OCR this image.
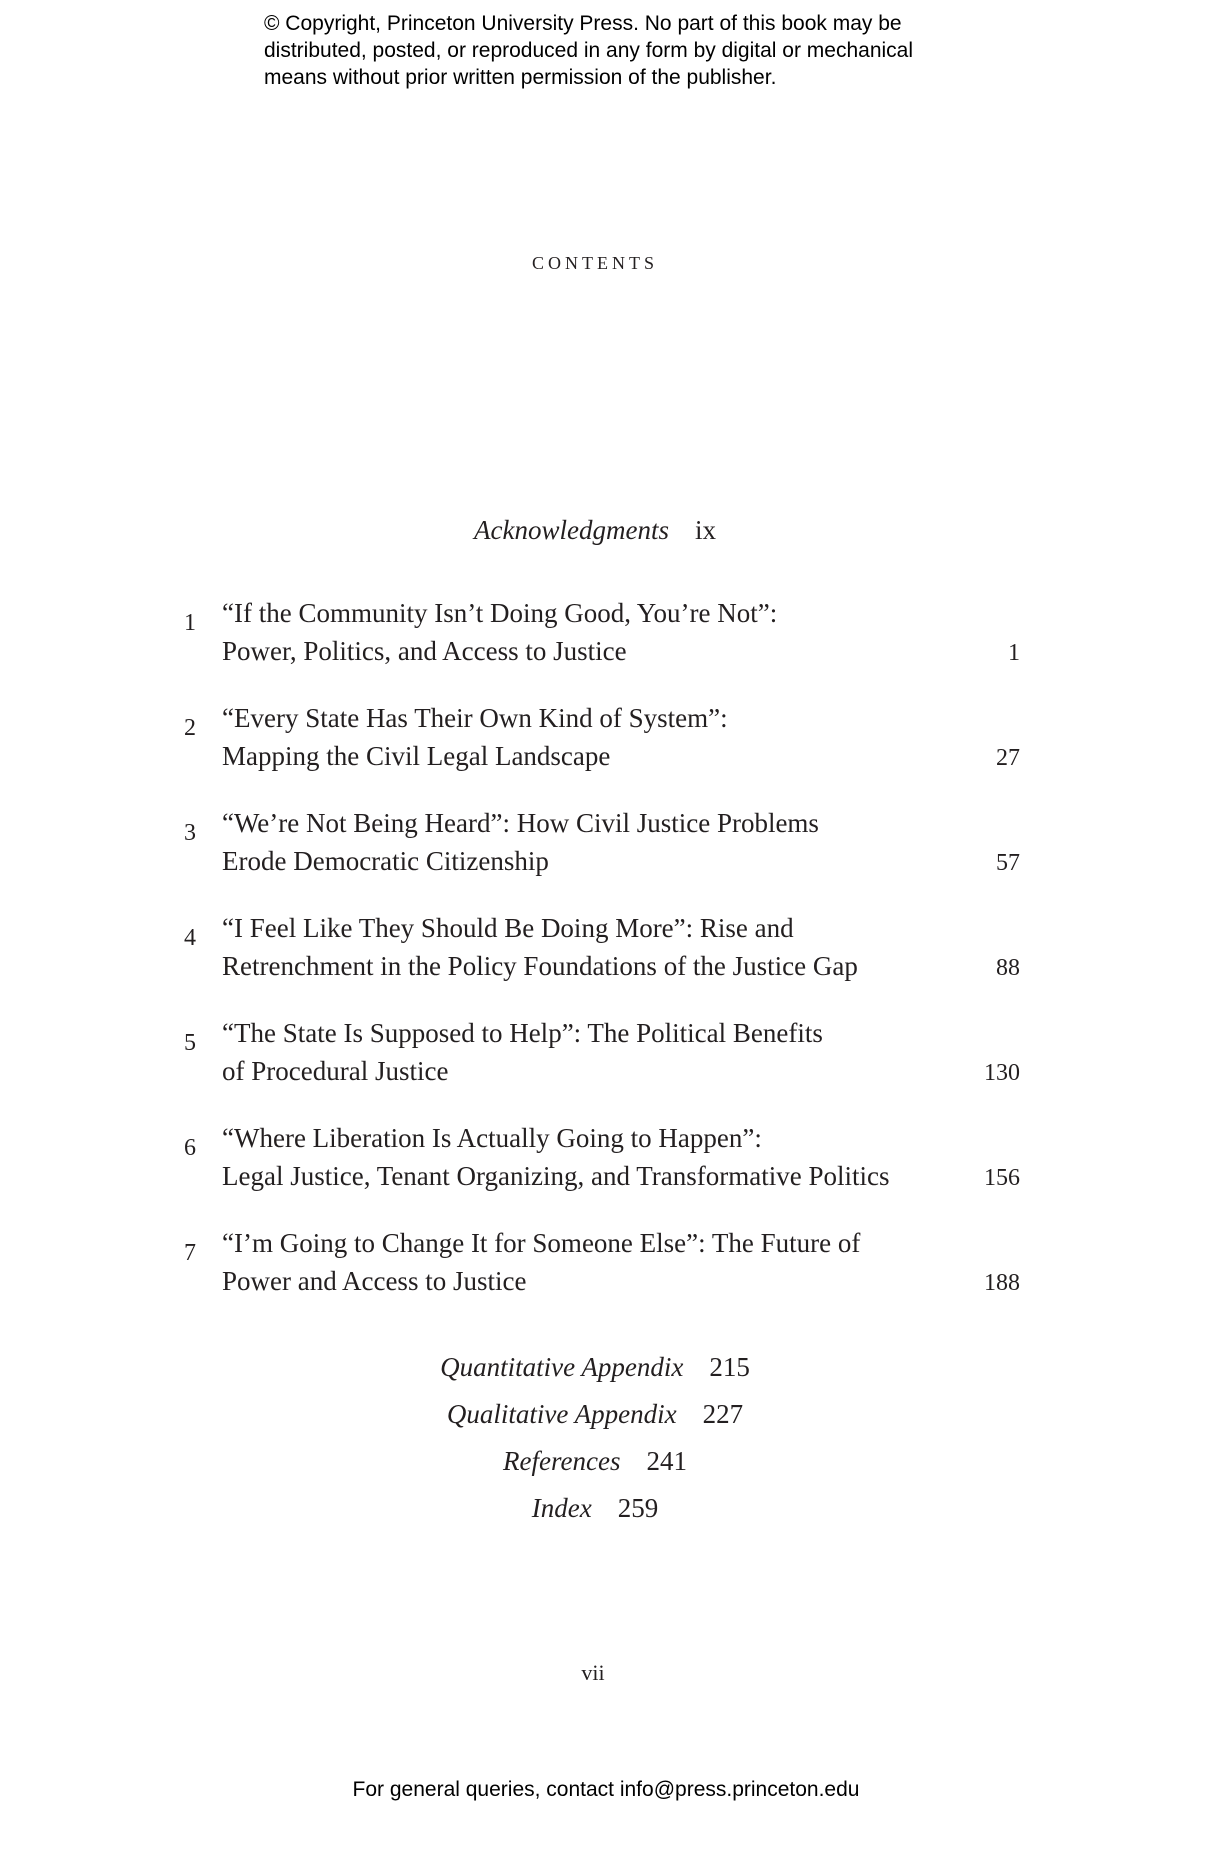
© Copyright, Princeton University Press. No part of this book may be
distributed, posted, or reproduced in any form by digital or mechanical
means without prior written permission of the publisher.
contents
Acknowledgments ix
1 “If the Community Isn’t Doing Good, You’re Not”:
Power, Politics, and Access to Justice	1
2 “Every State Has Their Own Kind of System”:
Mapping the Civil Legal Landscape	27
3 “We’re Not Being Heard”: How Civil Justice Problems
Erode Democratic Citizenship	57
4 “I Feel Like They Should Be Doing More”: Rise and
Retrenchment in the Policy Foundations of the Justice Gap	88
5 “The State Is Supposed to Help”: The Political Benefits
of Procedural Justice	130
6 “Where Liberation Is Actually Going to Happen”:
Legal Justice, Tenant Organizing, and Transformative Politics	156
7 “I’m Going to Change It for Someone Else”: The Future of
Power and Access to Justice	188
Quantitative Appendix 215
Qualitative Appendix 227
References 241
Index 259
vii
For general queries, contact info@press.princeton.edu
